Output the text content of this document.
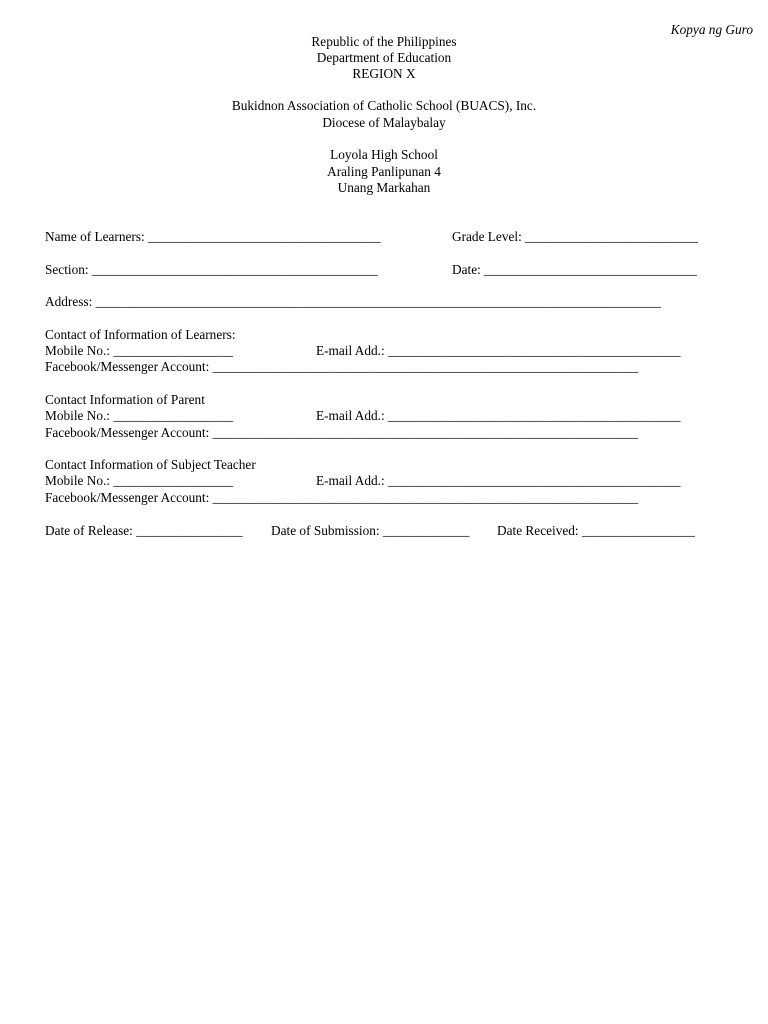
Kopya ng Guro
Republic of the Philippines
Department of Education
REGION X
Bukidnon Association of Catholic School (BUACS), Inc.
Diocese of Malaybalay
Loyola High School
Araling Panlipunan 4
Unang Markahan
Name of Learners: ___________________________________	Grade Level: __________________________
Section: ___________________________________________	Date: ________________________________
Address: _____________________________________________________________________________________
Contact of Information of Learners:
Mobile No.: __________________	E-mail Add.: ____________________________________________
Facebook/Messenger Account: ________________________________________________________________
Contact Information of Parent
Mobile No.: __________________	E-mail Add.: ____________________________________________
Facebook/Messenger Account: ________________________________________________________________
Contact Information of Subject Teacher
Mobile No.: __________________	E-mail Add.: ____________________________________________
Facebook/Messenger Account: ________________________________________________________________
Date of Release: ________________ Date of Submission: _____________ Date Received: _________________
